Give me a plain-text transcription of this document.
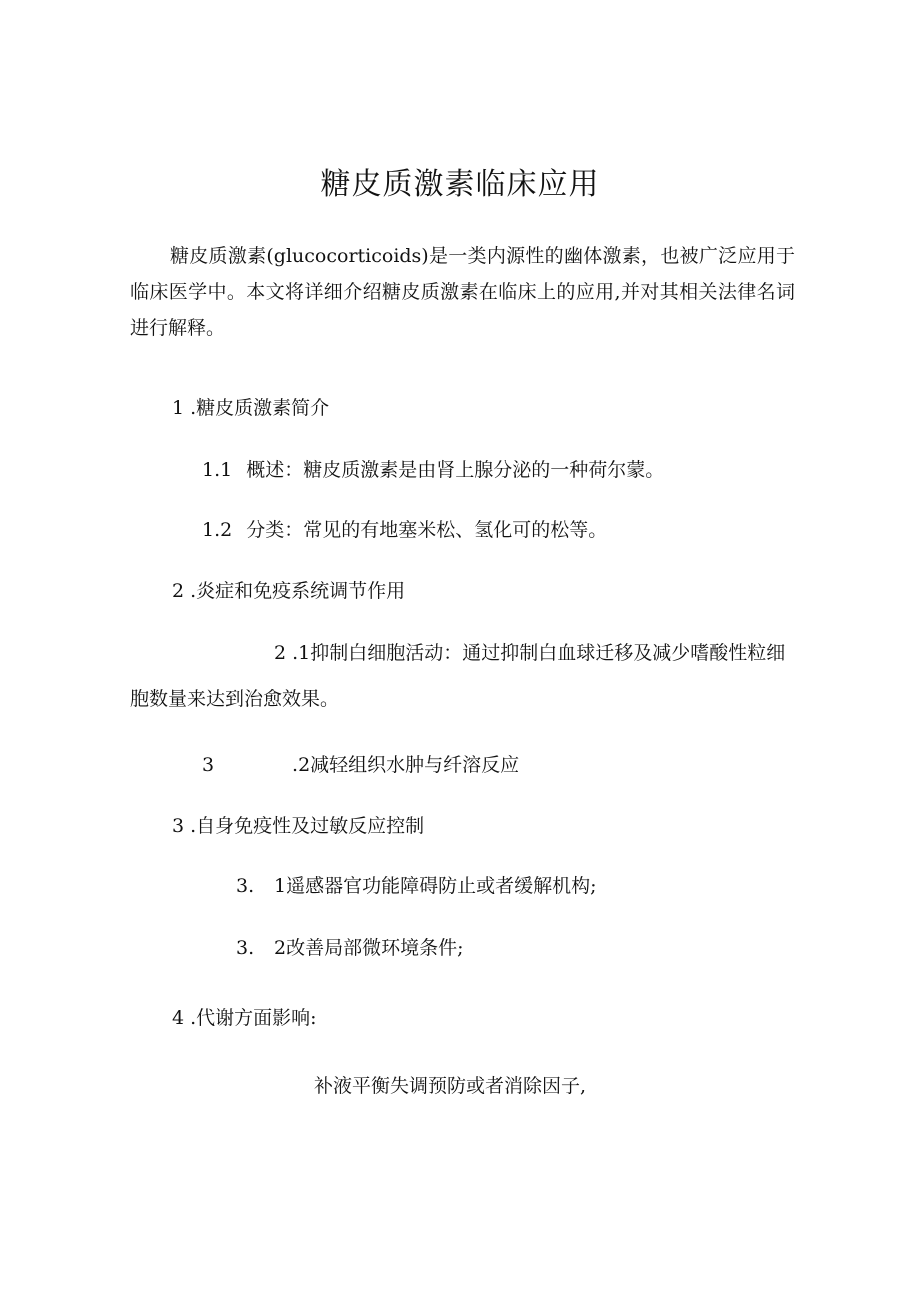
糖皮质激素临床应用

糖皮质激素(glucocorticoids)是一类内源性的幽体激素，也被广泛应用于临床医学中。本文将详细介绍糖皮质激素在临床上的应用,并对其相关法律名词进行解释。

1 .糖皮质激素简介
1.1 概述：糖皮质激素是由肾上腺分泌的一种荷尔蒙。
1.2 分类：常见的有地塞米松、氢化可的松等。
2 .炎症和免疫系统调节作用
2 .1抑制白细胞活动：通过抑制白血球迁移及减少嗜酸性粒细胞数量来达到治愈效果。
3	.2减轻组织水肿与纤溶反应
3 .自身免疫性及过敏反应控制
3. 1遥感器官功能障碍防止或者缓解机构;
3. 2改善局部微环境条件;
4 .代谢方面影响:
补液平衡失调预防或者消除因子,
